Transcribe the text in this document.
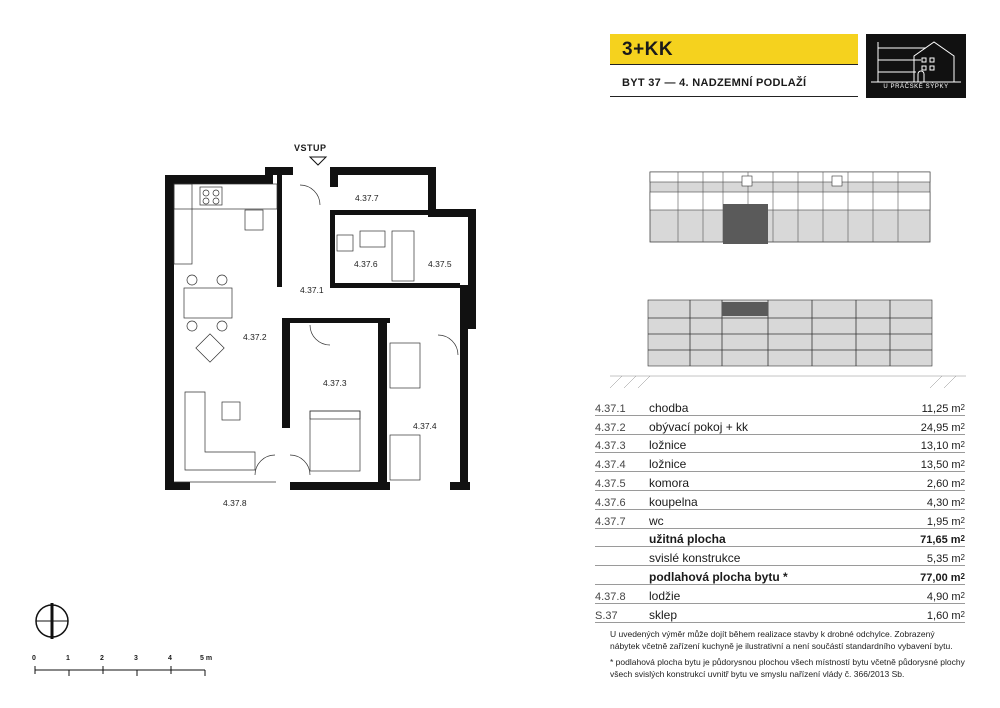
3+KK
BYT 37 — 4. NADZEMNÍ PODLAŽÍ	U PRÁČSKÉ SÝPKY
VSTUP
4.37.1
4.37.2
4.37.3
4.37.4
4.37.5
4.37.6
4.37.7
4.37.8
0	1	2	3	4	5 m
4.37.1	chodba	11,25 $m^2$
4.37.2	obývací pokoj + kk	24,95 $m^2$
4.37.3	ložnice	13,10 $m^2$
4.37.4	ložnice	13,50 $m^2$
4.37.5	komora	2,60 $m^2$
4.37.6	koupelna	4,30 $m^2$
4.37.7	wc	1,95 $m^2$
	užitná plocha	71,65 $m^2$
	svislé konstrukce	5,35 $m^2$
	podlahová plocha bytu *	77,00 $m^2$
4.37.8	lodžie	4,90 $m^2$
S.37	sklep	1,60 $m^2$
U uvedených výměr může dojít během realizace stavby k drobné odchylce. Zobrazený nábytek včetně zařízení kuchyně je ilustrativní a není součástí standardního vybavení bytu.
* podlahová plocha bytu je půdorysnou plochou všech místností bytu včetně půdorysné plochy všech svislých konstrukcí uvnitř bytu ve smyslu nařízení vlády č. 366/2013 Sb.
